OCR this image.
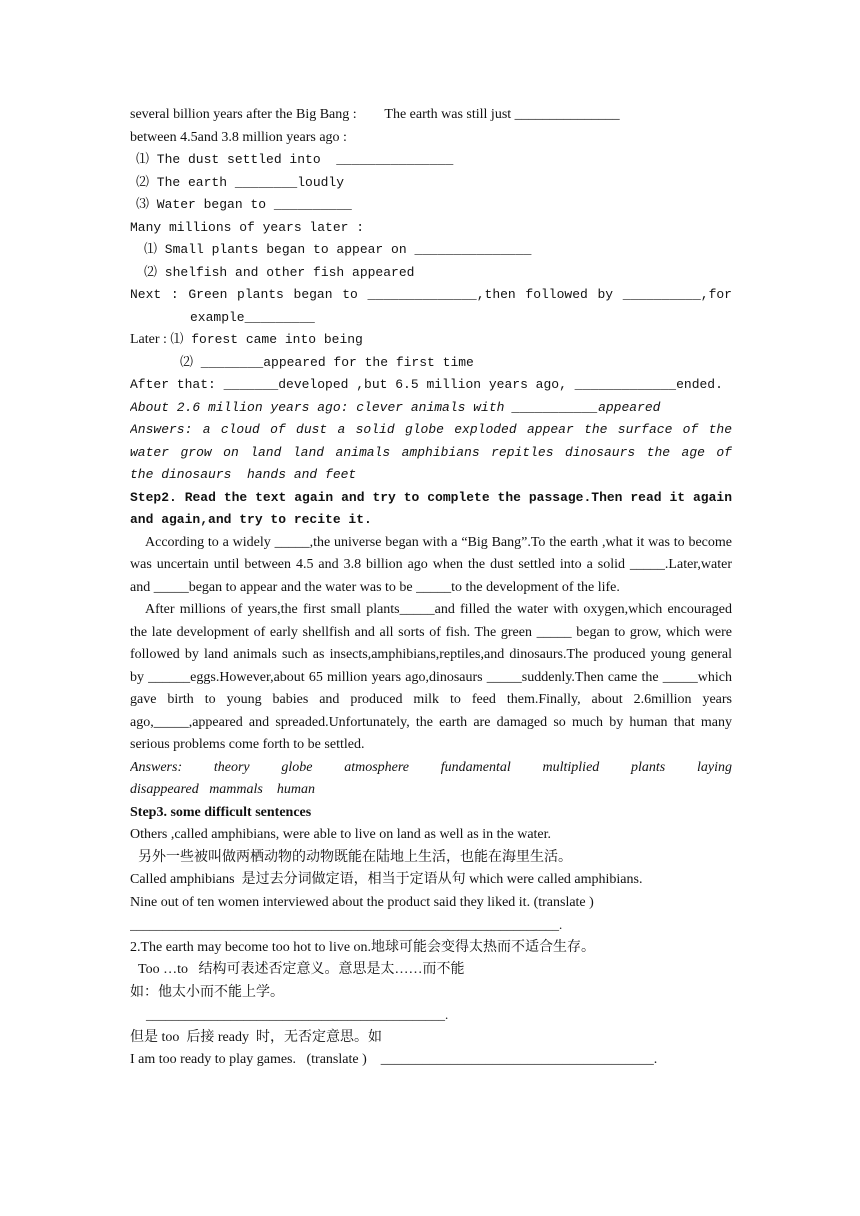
several billion years after the Big Bang :        The earth was still just _______________
between 4.5and 3.8 million years ago :
⑴ The dust settled into  _______________
⑵ The earth ________loudly
⑶ Water began to __________
Many millions of years later :
⑴ Small plants began to appear on _______________
⑵ shelfish and other fish appeared
Next : Green plants began to ______________,then followed by __________,for
example_________
Later : ⑴ forest came into being
⑵ ________appeared for the first time
After that: _______developed ,but 6.5 million years ago, _____________ended.
About 2.6 million years ago: clever animals with ___________appeared
Answers: a cloud of dust a solid globe exploded appear the surface of the
water grow on land land animals amphibians repitles dinosaurs the age of
the dinosaurs  hands and feet
Step2. Read the text again and try to complete the passage.Then read it again and again,and try to recite it.
According to a widely _____,the universe began with a “Big Bang”.To the earth ,what it was to become was uncertain until between 4.5 and 3.8 billion ago when the dust settled into a solid _____.Later,water and _____began to appear and the water was to be _____to the development of the life.
After millions of years,the first small plants_____and filled the water with oxygen,which encouraged the late development of early shellfish and all sorts of fish. The green _____ began to grow, which were followed by land animals such as insects,amphibians,reptiles,and dinosaurs.The produced young general by ______eggs.However,about 65 million years ago,dinosaurs _____suddenly.Then came the _____which gave birth to young babies and produced milk to feed them.Finally, about 2.6million years ago,_____,appeared and spreaded.Unfortunately, the earth are damaged so much by human that many serious problems come forth to be settled.
Answers: theory globe atmosphere fundamental multiplied plants laying
disappeared   mammals    human
Step3. some difficult sentences
Others ,called amphibians, were able to live on land as well as in the water.
另外一些被叫做两栖动物的动物既能在陆地上生活，也能在海里生活。
Called amphibians  是过去分词做定语，相当于定语从句 which were called amphibians.
Nine out of ten women interviewed about the product said they liked it. (translate )
__________________________________________________________________.
2.The earth may become too hot to live on.地球可能会变得太热而不适合生存。
Too …to   结构可表述否定意义。意思是太……而不能
如：他太小而不能上学。
______________________________________________.
但是 too  后接 ready  时，无否定意思。如
I am too ready to play games.   (translate )    _______________________________________.
